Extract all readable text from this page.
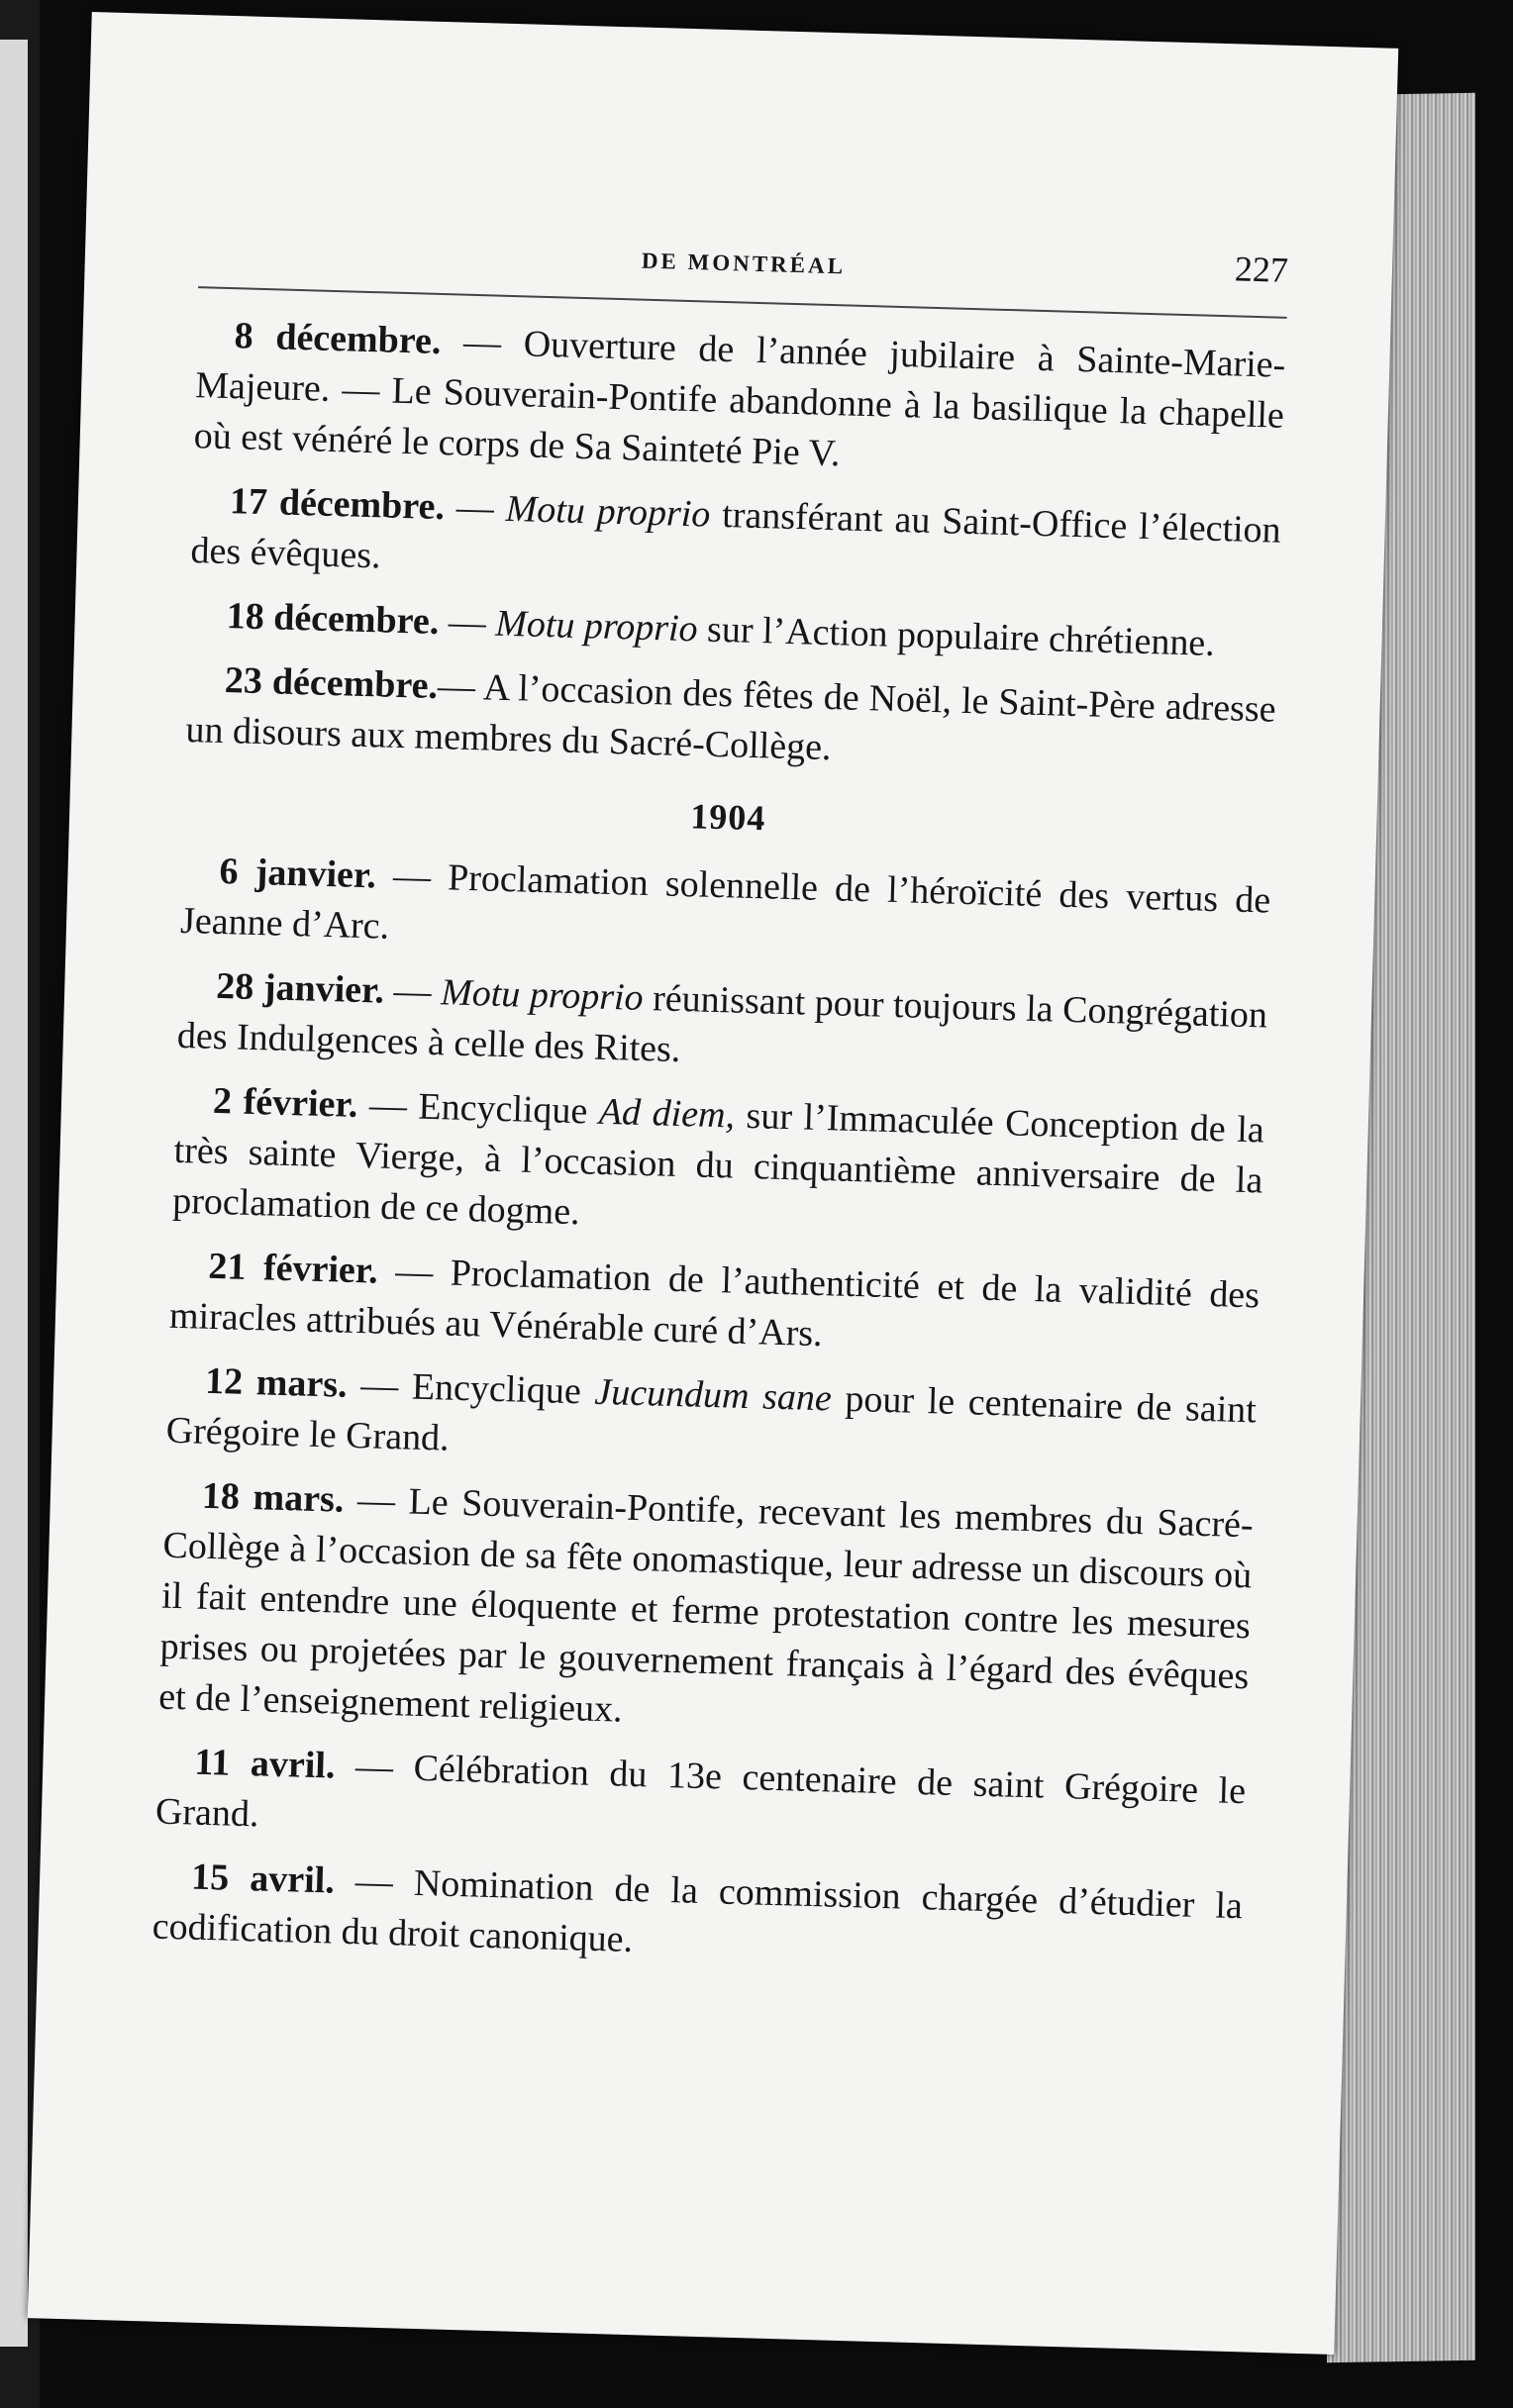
DE MONTRÉAL	227

8 décembre. — Ouverture de l’année jubilaire à Sainte-Marie-Majeure. — Le Souverain-Pontife abandonne à la basilique la chapelle où est vénéré le corps de Sa Sainteté Pie V.

17 décembre. — Motu proprio transférant au Saint-Office l’élection des évêques.

18 décembre. — Motu proprio sur l’Action populaire chrétienne.

23 décembre.— A l’occasion des fêtes de Noël, le Saint-Père adresse un disours aux membres du Sacré-Collège.

1904

6 janvier. — Proclamation solennelle de l’héroïcité des vertus de Jeanne d’Arc.

28 janvier. — Motu proprio réunissant pour toujours la Congrégation des Indulgences à celle des Rites.

2 février. — Encyclique Ad diem, sur l’Immaculée Conception de la très sainte Vierge, à l’occasion du cinquantième anniversaire de la proclamation de ce dogme.

21 février. — Proclamation de l’authenticité et de la validité des miracles attribués au Vénérable curé d’Ars.

12 mars. — Encyclique Jucundum sane pour le centenaire de saint Grégoire le Grand.

18 mars. — Le Souverain-Pontife, recevant les membres du Sacré-Collège à l’occasion de sa fête onomastique, leur adresse un discours où il fait entendre une éloquente et ferme protestation contre les mesures prises ou projetées par le gouvernement français à l’égard des évêques et de l’enseignement religieux.

11 avril. — Célébration du 13e centenaire de saint Grégoire le Grand.

15 avril. — Nomination de la commission chargée d’étudier la codification du droit canonique.
